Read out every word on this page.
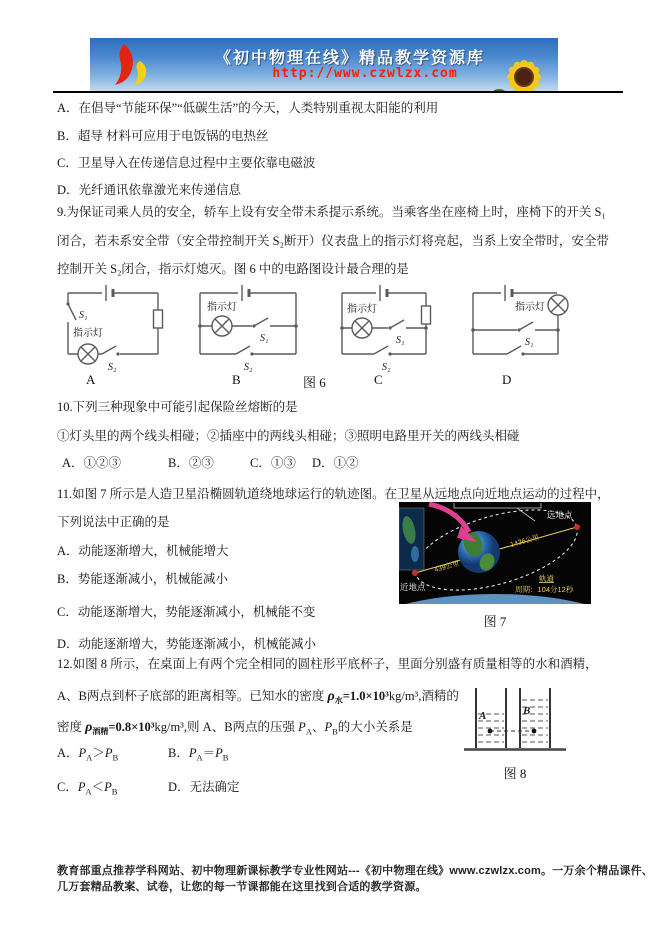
《初中物理在线》精品教学资源库
http://www.czwlzx.com
A．在倡导“节能环保”“低碳生活”的今天，人类特别重视太阳能的利用
B．超导 材料可应用于电饭锅的电热丝
C．卫星导入在传递信息过程中主要依靠电磁波
D．光纤通讯依靠激光来传递信息
9.为保证司乘人员的安全，轿车上设有安全带未系提示系统。当乘客坐在座椅上时，座椅下的开关 S₁
闭合，若未系安全带（安全带控制开关 S₂断开）仪表盘上的指示灯将亮起，当系上安全带时，安全带
控制开关 S₂闭合，指示灯熄灭。图 6 中的电路图设计最合理的是
S₁
指示灯
S₂
指示灯
S₁
S₂
指示灯
S₁
S₂
指示灯
S₁
A	B	图 6	C	D
10.下列三种现象中可能引起保险丝熔断的是
①灯头里的两个线头相碰；②插座中的两线头相碰；③照明电路里开关的两线头相碰
A．①②③	B．②③	C．①③ D．①②
11.如图 7 所示是人造卫星沿椭圆轨道绕地球运行的轨迹图。在卫星从远地点向近地点运动的过程中，
下列说法中正确的是
A．动能逐渐增大，机械能增大
B．势能逐渐减小，机械能减小
C．动能逐渐增大，势能逐渐减小，机械能不变
D．动能逐渐增大，势能逐渐减小，机械能减小
远地点
近地点
1436公里
439公里
轨道
周期：104分12秒
图 7
12.如图 8 所示，在桌面上有两个完全相同的圆柱形平底杯子，里面分别盛有质量相等的水和酒精，
A、B两点到杯子底部的距离相等。已知水的密度 $\rho_水=1.0\times 10^3kg/m^3$,酒精的
密度 $\rho_{酒精}=0.8\times 10^3kg/m^3$,则 A、B两点的压强 $P_A$、$P_B$的大小关系是
A．$P_A>P_B$	B．$P_A=P_B$
C．$P_A<P_B$	D．无法确定
A	B
图 8
教育部重点推荐学科网站、初中物理新课标教学专业性网站---《初中物理在线》www.czwlzx.com。一万余个精品课件、
几万套精品教案、试卷，让您的每一节课都能在这里找到合适的教学资源。
